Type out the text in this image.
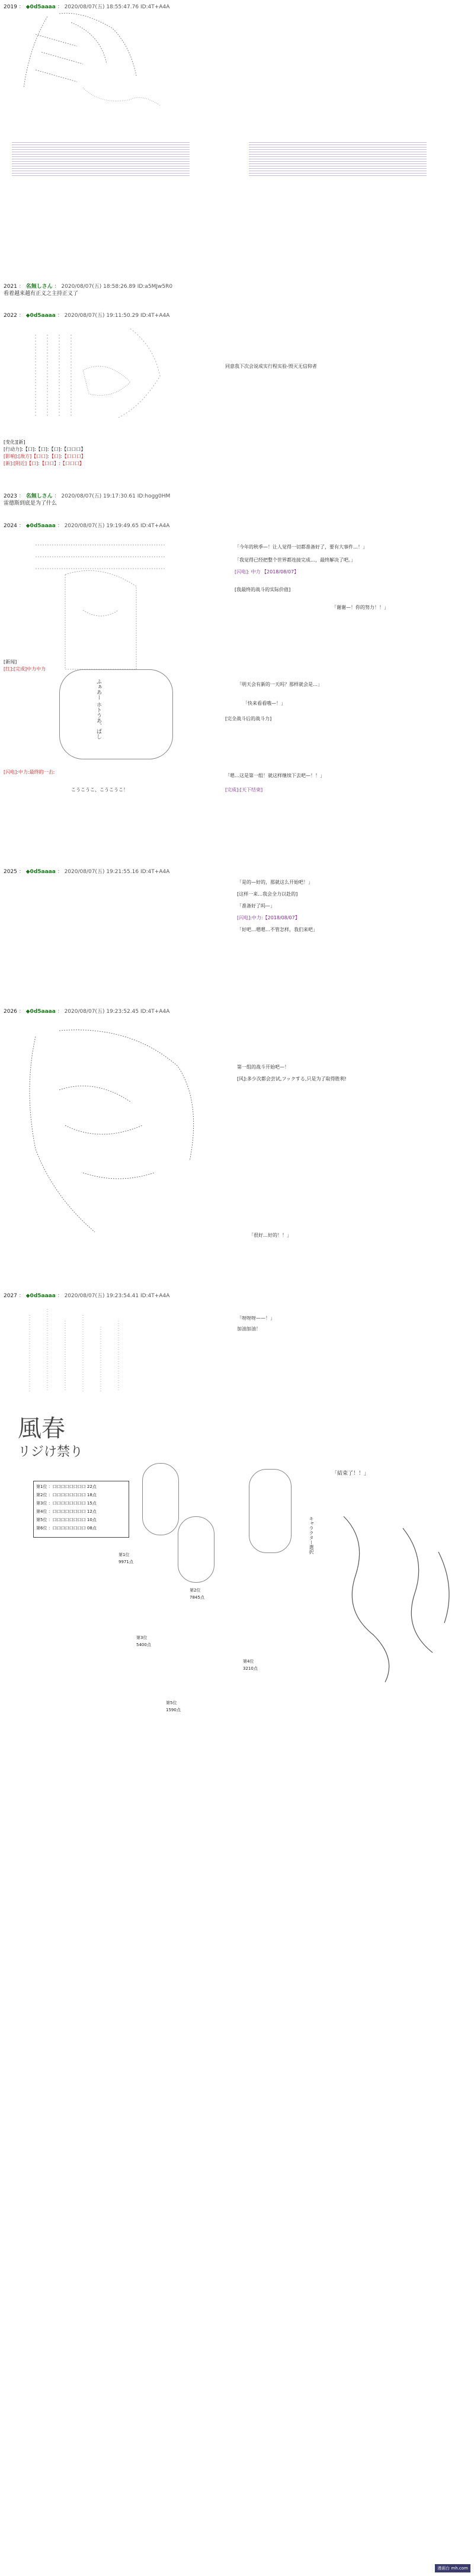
2019 ： ◆0d5aaaa ： 2020/08/07(五) 18:55:47.76 ID:4T+A4A
2021 ： 名無しさん ： 2020/08/07(五) 18:58:26.89 ID:a5MJw5R0
看着越来越有正义之主持正义了
2022 ： ◆0d5aaaa ： 2020/08/07(五) 19:11:50.29 ID:4T+A4A
同意我下次会说成实行程实验-毁灭无信仰者
[变化][新]
[行动力]:【口]:【口]:【口]:【口口口】
[影响]:[敌方]【口口]:【口]:【口口口】
[新]:[附近]【口]:【口口】:【口口口】
2023 ： 名無しさん ： 2020/08/07(五) 19:17:30.61 ID:hogg0HM
雷德斯到底是为了什么
2024 ： ◆0d5aaaa ： 2020/08/07(五) 19:19:49.65 ID:4T+A4A
「今年的秋季—！让人觉得一切都准备好了，要有大事件…！」
「我觉得已经把整个世界都连接完成…，最终解决了吧。」
[闪电]: 中力 【2018/08/07】
[我最终的战斗的实际价值]
「谢谢—！你的努力！！」
[新闻]
[红]:[完成]中力中力
ふぁあー ホトうあ、ぱし	「明天会有新的一天吗？那样就会是…」
「快来看看哦—！」
[完全战斗后的战斗力]
[闪电]:中力:最终的一击:
「嗯…这是第一组！就这样继续下去吧—！！」
[完成]:[天下结束]
こうこうこ、こうこうこ！
2025 ： ◆0d5aaaa ： 2020/08/07(五) 19:21:55.16 ID:4T+A4A
「是的—好的，那就这么开始吧！」
[这样一来…我会全力以赴的]
「准备好了吗—」
[闪电]:中力:【2018/08/07】
「好吧…嗯嗯…不管怎样，我们来吧」
2026 ： ◆0d5aaaa ： 2020/08/07(五) 19:23:52.45 ID:4T+A4A
第一组的战斗开始吧—！
[风]:多少次都会尝试,フックする,只是为了取得胜利!
「很好…好的！！」
2027 ： ◆0d5aaaa ： 2020/08/07(五) 19:23:54.41 ID:4T+A4A
「呀呀呀——！」
加油加油！
風春
リジけ禁り
第1位 ：口口口口口口口口 22点
第2位 ：口口口口口口口口 18点
第3位 ：口口口口口口口口 15点
第4位 ：口口口口口口口口 12点
第5位 ：口口口口口口口口 10点
第6位 ：口口口口口口口口 08点
第1位
9971点
第2位
7845点
第3位
5400点
第4位
3210点
第5位
1590点
キャラクター選択
「結束了！！」
漫画台 mh.com
